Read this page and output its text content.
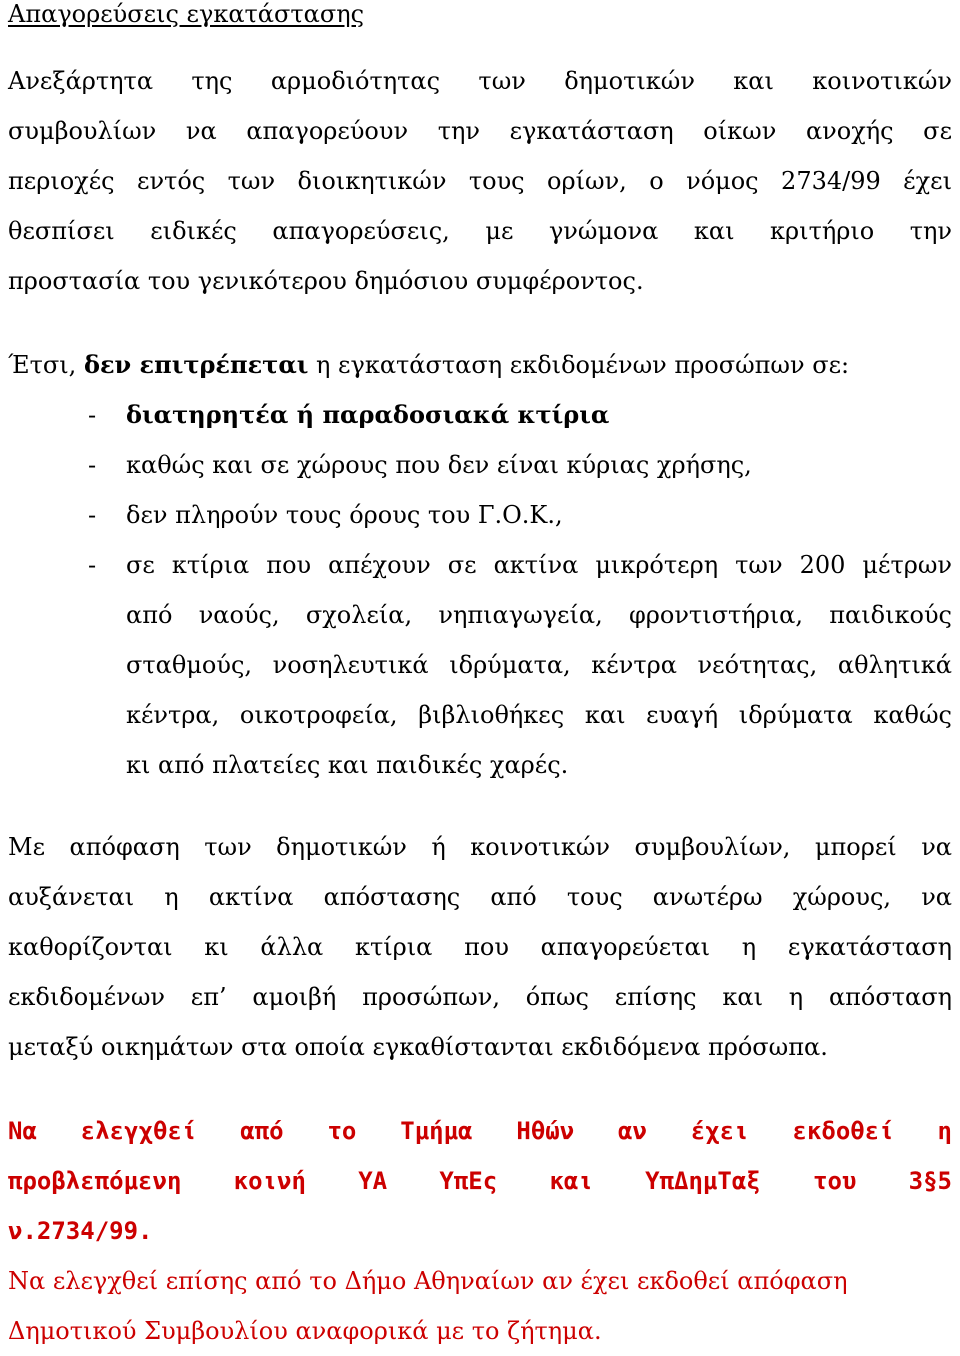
Απαγορεύσεις εγκατάστασης
Ανεξάρτητα της αρμοδιότητας των δημοτικών και κοινοτικών
συμβουλίων να απαγορεύουν την εγκατάσταση οίκων ανοχής σε
περιοχές εντός των διοικητικών τους ορίων, ο νόμος 2734/99 έχει
θεσπίσει ειδικές απαγορεύσεις, με γνώμονα και κριτήριο την
προστασία του γενικότερου δημόσιου συμφέροντος.
Έτσι, δεν επιτρέπεται η εγκατάσταση εκδιδομένων προσώπων σε:
- διατηρητέα ή παραδοσιακά κτίρια
- καθώς και σε χώρους που δεν είναι κύριας χρήσης,
- δεν πληρούν τους όρους του Γ.Ο.Κ.,
- σε κτίρια που απέχουν σε ακτίνα μικρότερη των 200 μέτρων
από ναούς, σχολεία, νηπιαγωγεία, φροντιστήρια, παιδικούς
σταθμούς, νοσηλευτικά ιδρύματα, κέντρα νεότητας, αθλητικά
κέντρα, οικοτροφεία, βιβλιοθήκες και ευαγή ιδρύματα καθώς
κι από πλατείες και παιδικές χαρές.
Με απόφαση των δημοτικών ή κοινοτικών συμβουλίων, μπορεί να
αυξάνεται η ακτίνα απόστασης από τους ανωτέρω χώρους, να
καθορίζονται κι άλλα κτίρια που απαγορεύεται η εγκατάσταση
εκδιδομένων επ’ αμοιβή προσώπων, όπως επίσης και η απόσταση
μεταξύ οικημάτων στα οποία εγκαθίστανται εκδιδόμενα πρόσωπα.
Να ελεγχθεί από το Τμήμα Ηθών αν έχει εκδοθεί η
προβλεπόμενη κοινή ΥΑ ΥπΕς και ΥπΔημΤαξ του 3§5
ν.2734/99.
Να ελεγχθεί επίσης από το Δήμο Αθηναίων αν έχει εκδοθεί απόφαση
Δημοτικού Συμβουλίου αναφορικά με το ζήτημα.
